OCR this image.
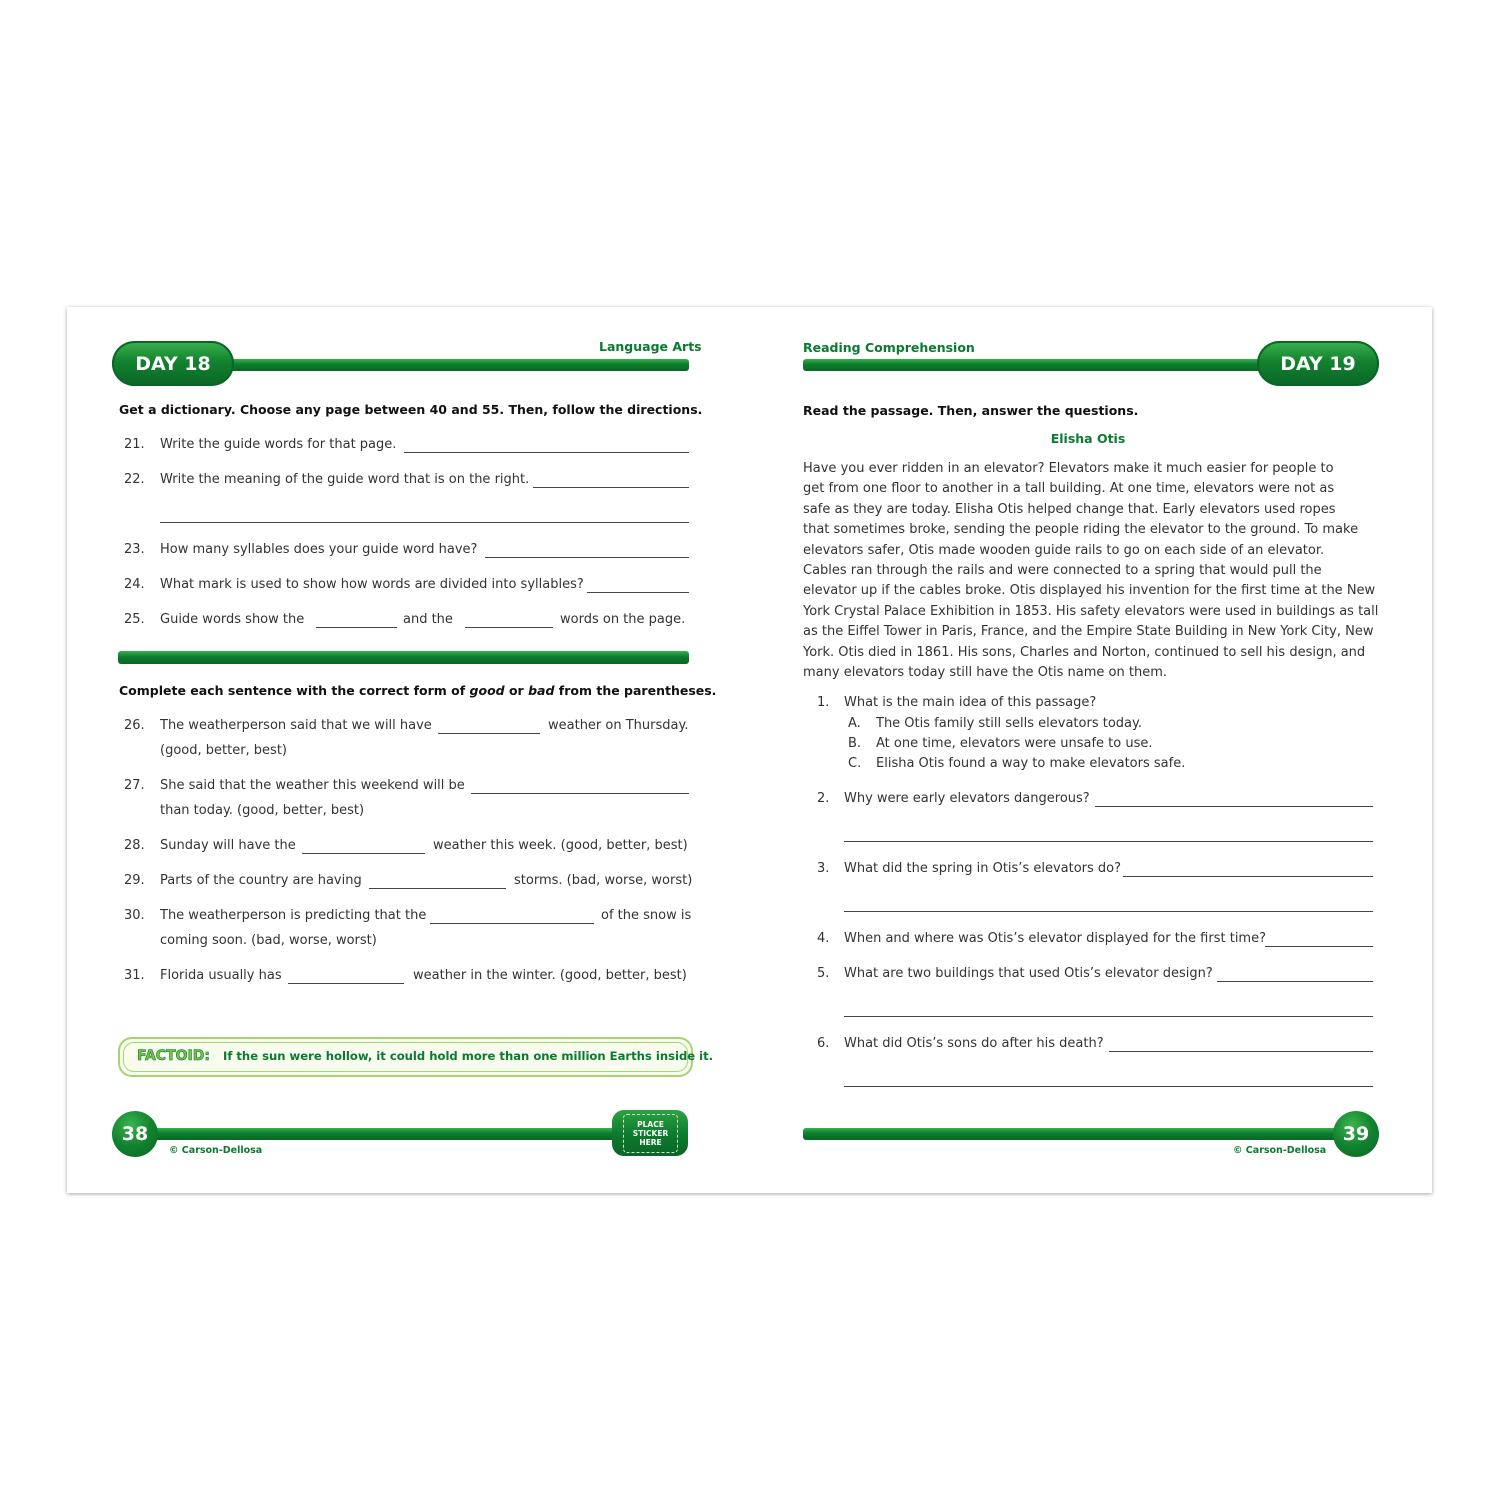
DAY 18
Language Arts
Get a dictionary. Choose any page between 40 and 55. Then, follow the directions.
21. Write the guide words for that page.
22. Write the meaning of the guide word that is on the right.
23. How many syllables does your guide word have?
24. What mark is used to show how words are divided into syllables?
25. Guide words show the	and the	words on the page.
Complete each sentence with the correct form of good or bad from the parentheses.
26. The weatherperson said that we will have	weather on Thursday.
(good, better, best)
27. She said that the weather this weekend will be
than today. (good, better, best)
28. Sunday will have the	weather this week. (good, better, best)
29. Parts of the country are having	storms. (bad, worse, worst)
30. The weatherperson is predicting that the	of the snow is
coming soon. (bad, worse, worst)
31. Florida usually has	weather in the winter. (good, better, best)
FACTOID: If the sun were hollow, it could hold more than one million Earths inside it.
38
© Carson-Dellosa
PLACE
STICKER
HERE
DAY 19
Reading Comprehension
Read the passage. Then, answer the questions.
Elisha Otis
Have you ever ridden in an elevator? Elevators make it much easier for people to
get from one floor to another in a tall building. At one time, elevators were not as
safe as they are today. Elisha Otis helped change that. Early elevators used ropes
that sometimes broke, sending the people riding the elevator to the ground. To make
elevators safer, Otis made wooden guide rails to go on each side of an elevator.
Cables ran through the rails and were connected to a spring that would pull the
elevator up if the cables broke. Otis displayed his invention for the first time at the New
York Crystal Palace Exhibition in 1853. His safety elevators were used in buildings as tall
as the Eiffel Tower in Paris, France, and the Empire State Building in New York City, New
York. Otis died in 1861. His sons, Charles and Norton, continued to sell his design, and
many elevators today still have the Otis name on them.
1. What is the main idea of this passage?
A. The Otis family still sells elevators today.
B. At one time, elevators were unsafe to use.
C. Elisha Otis found a way to make elevators safe.
2. Why were early elevators dangerous?
3. What did the spring in Otis’s elevators do?
4. When and where was Otis’s elevator displayed for the first time?
5. What are two buildings that used Otis’s elevator design?
6. What did Otis’s sons do after his death?
39
© Carson-Dellosa
